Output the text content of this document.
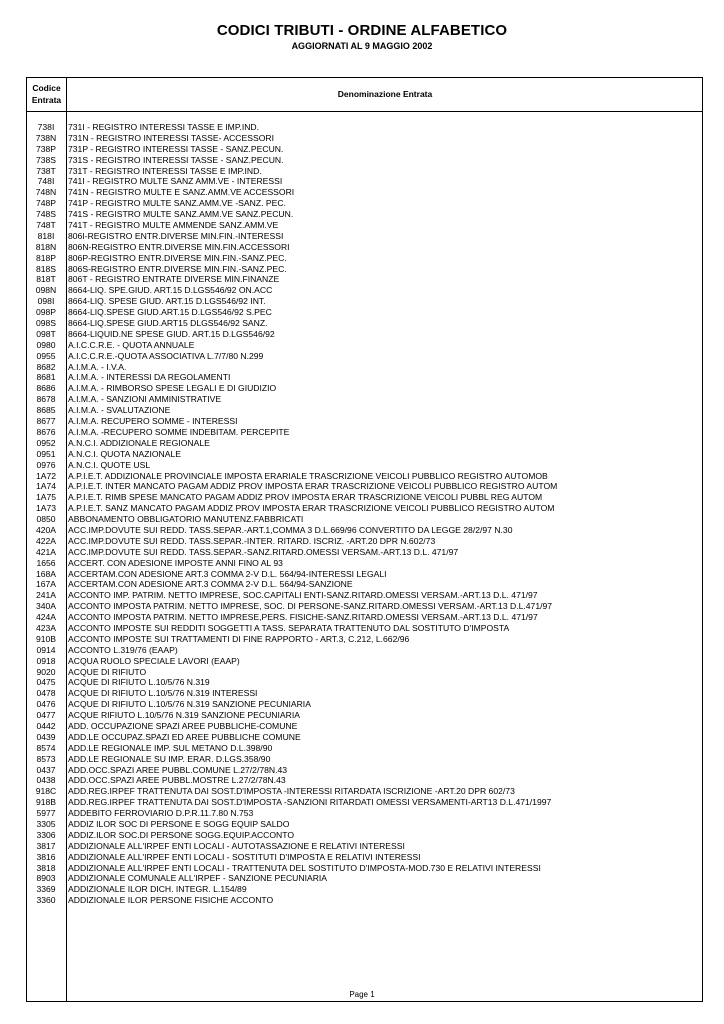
CODICI TRIBUTI - ORDINE ALFABETICO
AGGIORNATI AL 9 MAGGIO 2002
Codice
Entrata
Denominazione Entrata
738I	731I - REGISTRO INTERESSI TASSE E IMP.IND.
738N	731N - REGISTRO INTERESSI TASSE- ACCESSORI
738P	731P - REGISTRO INTERESSI TASSE - SANZ.PECUN.
738S	731S - REGISTRO INTERESSI TASSE - SANZ.PECUN.
738T	731T - REGISTRO INTERESSI TASSE E IMP.IND.
748I	741I - REGISTRO MULTE SANZ AMM.VE - INTERESSI
748N	741N - REGISTRO MULTE E SANZ.AMM.VE ACCESSORI
748P	741P - REGISTRO MULTE SANZ.AMM.VE -SANZ. PEC.
748S	741S - REGISTRO MULTE SANZ.AMM.VE SANZ.PECUN.
748T	741T - REGISTRO MULTE AMMENDE SANZ.AMM.VE
818I	806I-REGISTRO ENTR.DIVERSE MIN.FIN.-INTERESSI
818N	806N-REGISTRO ENTR.DIVERSE MIN.FIN.ACCESSORI
818P	806P-REGISTRO ENTR.DIVERSE MIN.FIN.-SANZ.PEC.
818S	806S-REGISTRO ENTR.DIVERSE MIN.FIN.-SANZ.PEC.
818T	806T - REGISTRO ENTRATE DIVERSE MIN.FINANZE
098N	8664-LIQ. SPE.GIUD. ART.15 D.LGS546/92 ON.ACC
098I	8664-LIQ. SPESE GIUD. ART.15 D.LGS546/92 INT.
098P	8664-LIQ.SPESE GIUD.ART.15 D.LGS546/92 S.PEC
098S	8664-LIQ.SPESE GIUD.ART15 DLGS546/92 SANZ.
098T	8664-LIQUID.NE SPESE GIUD. ART.15 D.LGS546/92
0980	A.I.C.C.R.E. - QUOTA ANNUALE
0955	A.I.C.C.R.E.-QUOTA ASSOCIATIVA L.7/7/80 N.299
8682	A.I.M.A. - I.V.A.
8681	A.I.M.A. - INTERESSI DA REGOLAMENTI
8686	A.I.M.A. - RIMBORSO SPESE LEGALI E DI GIUDIZIO
8678	A.I.M.A. - SANZIONI AMMINISTRATIVE
8685	A.I.M.A. - SVALUTAZIONE
8677	A.I.M.A. RECUPERO SOMME - INTERESSI
8676	A.I.M.A. -RECUPERO SOMME INDEBITAM. PERCEPITE
0952	A.N.C.I. ADDIZIONALE REGIONALE
0951	A.N.C.I. QUOTA NAZIONALE
0976	A.N.C.I. QUOTE USL
1A72	A.P.I.E.T. ADDIZIONALE PROVINCIALE IMPOSTA ERARIALE TRASCRIZIONE VEICOLI PUBBLICO REGISTRO AUTOMOB
1A74	A.P.I.E.T. INTER MANCATO PAGAM ADDIZ PROV IMPOSTA ERAR TRASCRIZIONE VEICOLI PUBBLICO REGISTRO AUTOM
1A75	A.P.I.E.T. RIMB SPESE MANCATO PAGAM ADDIZ PROV IMPOSTA ERAR TRASCRIZIONE VEICOLI PUBBL REG AUTOM
1A73	A.P.I.E.T. SANZ MANCATO PAGAM ADDIZ PROV IMPOSTA ERAR TRASCRIZIONE VEICOLI PUBBLICO REGISTRO AUTOM
0850	ABBONAMENTO OBBLIGATORIO MANUTENZ.FABBRICATI
420A	ACC.IMP.DOVUTE SUI REDD. TASS.SEPAR.-ART.1,COMMA 3 D.L.669/96 CONVERTITO DA LEGGE 28/2/97 N.30
422A	ACC.IMP.DOVUTE SUI REDD. TASS.SEPAR.-INTER. RITARD. ISCRIZ. -ART.20 DPR N.602/73
421A	ACC.IMP.DOVUTE SUI REDD. TASS.SEPAR.-SANZ.RITARD.OMESSI VERSAM.-ART.13 D.L. 471/97
1656	ACCERT. CON ADESIONE IMPOSTE ANNI FINO AL 93
168A	ACCERTAM.CON ADESIONE ART.3 COMMA 2-V D.L. 564/94-INTERESSI LEGALI
167A	ACCERTAM.CON ADESIONE ART.3 COMMA 2-V D.L. 564/94-SANZIONE
241A	ACCONTO IMP. PATRIM. NETTO IMPRESE, SOC.CAPITALI ENTI-SANZ.RITARD.OMESSI VERSAM.-ART.13 D.L. 471/97
340A	ACCONTO IMPOSTA PATRIM. NETTO IMPRESE, SOC. DI PERSONE-SANZ.RITARD.OMESSI VERSAM.-ART.13 D.L.471/97
424A	ACCONTO IMPOSTA PATRIM. NETTO IMPRESE,PERS. FISICHE-SANZ.RITARD.OMESSI VERSAM.-ART.13 D.L. 471/97
423A	ACCONTO IMPOSTE SUI REDDITI SOGGETTI A TASS. SEPARATA TRATTENUTO DAL SOSTITUTO D'IMPOSTA
910B	ACCONTO IMPOSTE SUI TRATTAMENTI DI FINE RAPPORTO - ART.3, C.212, L.662/96
0914	ACCONTO L.319/76 (EAAP)
0918	ACQUA RUOLO SPECIALE LAVORI (EAAP)
9020	ACQUE DI RIFIUTO
0475	ACQUE DI RIFIUTO L.10/5/76 N.319
0478	ACQUE DI RIFIUTO L.10/5/76 N.319 INTERESSI
0476	ACQUE DI RIFIUTO L.10/5/76 N.319 SANZIONE PECUNIARIA
0477	ACQUE RIFIUTO L.10/5/76 N.319 SANZIONE PECUNIARIA
0442	ADD. OCCUPAZIONE SPAZI AREE PUBBLICHE-COMUNE
0439	ADD.LE OCCUPAZ.SPAZI ED AREE PUBBLICHE COMUNE
8574	ADD.LE REGIONALE IMP. SUL METANO D.L.398/90
8573	ADD.LE REGIONALE SU IMP. ERAR. D.LGS.358/90
0437	ADD.OCC.SPAZI AREE PUBBL.COMUNE L.27/2/78N.43
0438	ADD.OCC.SPAZI AREE PUBBL.MOSTRE L.27/2/78N.43
918C	ADD.REG.IRPEF TRATTENUTA DAI SOST.D'IMPOSTA -INTERESSI RITARDATA ISCRIZIONE -ART.20 DPR 602/73
918B	ADD.REG.IRPEF TRATTENUTA DAI SOST.D'IMPOSTA -SANZIONI RITARDATI OMESSI VERSAMENTI-ART13 D.L.471/1997
5977	ADDEBITO FERROVIARIO D.P.R.11.7.80 N.753
3305	ADDIZ ILOR SOC DI PERSONE E SOGG EQUIP SALDO
3306	ADDIZ.ILOR SOC.DI PERSONE SOGG.EQUIP.ACCONTO
3817	ADDIZIONALE ALL'IRPEF ENTI LOCALI - AUTOTASSAZIONE E RELATIVI INTERESSI
3816	ADDIZIONALE ALL'IRPEF ENTI LOCALI - SOSTITUTI D'IMPOSTA E RELATIVI INTERESSI
3818	ADDIZIONALE ALL'IRPEF ENTI LOCALI - TRATTENUTA DEL SOSTITUTO D'IMPOSTA-MOD.730 E RELATIVI INTERESSI
8903	ADDIZIONALE COMUNALE ALL'IRPEF - SANZIONE PECUNIARIA
3369	ADDIZIONALE ILOR DICH. INTEGR. L.154/89
3360	ADDIZIONALE ILOR PERSONE FISICHE ACCONTO
Page 1
